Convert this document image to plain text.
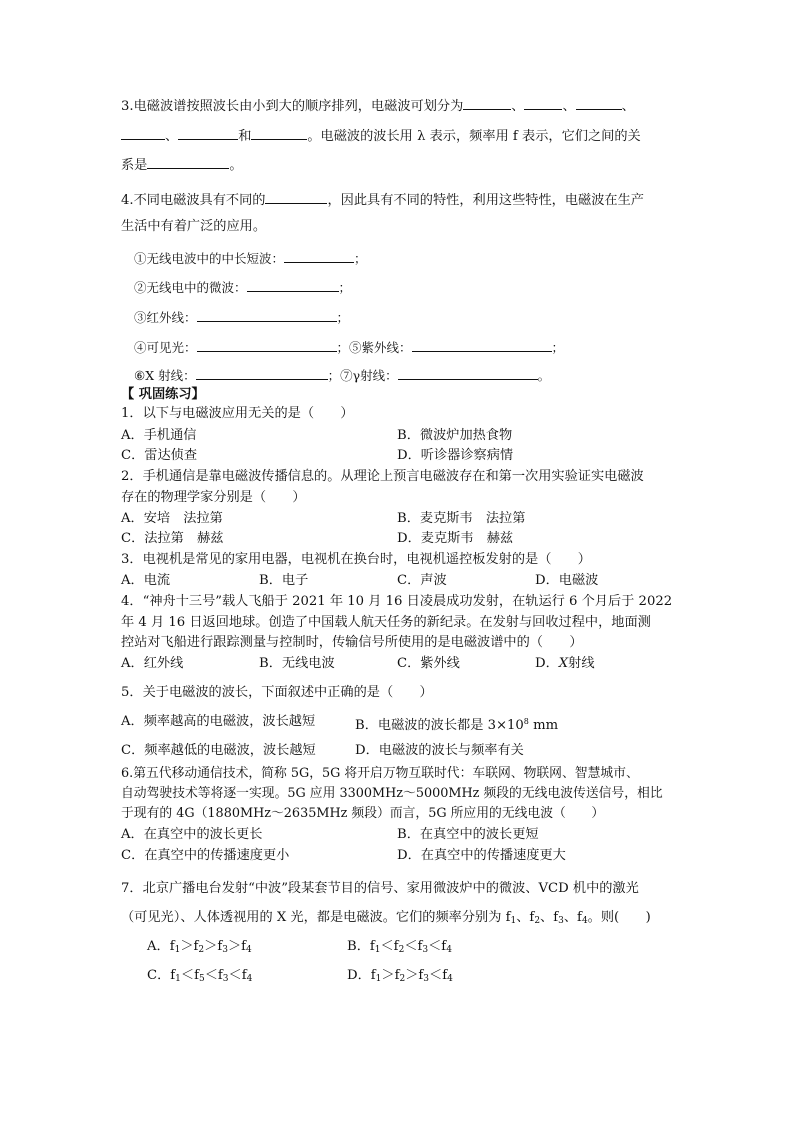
3.电磁波谱按照波长由小到大的顺序排列，电磁波可划分为	、	、	、
、	和	。电磁波的波长用 λ 表示，频率用 f 表示，它们之间的关
系是	。
4.不同电磁波具有不同的	，因此具有不同的特性，利用这些特性，电磁波在生产
生活中有着广泛的应用。
①无线电波中的中长短波：	；
②无线电中的微波：	；
③红外线：	；
④可见光：	；⑤紫外线：	；
⑥X 射线：	；⑦γ射线：	。
【 巩固练习】
1．以下与电磁波应用无关的是（　　）
A．手机通信	B．微波炉加热食物
C．雷达侦查	D．听诊器诊察病情
2．手机通信是靠电磁波传播信息的。从理论上预言电磁波存在和第一次用实验证实电磁波
存在的物理学家分别是（　　）
A．安培　法拉第	B．麦克斯韦　法拉第
C．法拉第　赫兹	D．麦克斯韦　赫兹
3．电视机是常见的家用电器，电视机在换台时，电视机遥控板发射的是（　　）
A．电流	B．电子	C．声波	D．电磁波
4．“神舟十三号”载人飞船于 2021 年 10 月 16 日凌晨成功发射，在轨运行 6 个月后于 2022
年 4 月 16 日返回地球。创造了中国载人航天任务的新纪录。在发射与回收过程中，地面测
控站对飞船进行跟踪测量与控制时，传输信号所使用的是电磁波谱中的（　　）
A．红外线	B．无线电波	C．紫外线	D．X射线
5．关于电磁波的波长，下面叙述中正确的是（　　）
A．频率越高的电磁波，波长越短	B．电磁波的波长都是 $3\times 10^8$ mm
C．频率越低的电磁波，波长越短	D．电磁波的波长与频率有关
6.第五代移动通信技术，简称 5G，5G 将开启万物互联时代：车联网、物联网、智慧城市、
自动驾驶技术等将逐一实现。5G 应用 3300MHz～5000MHz 频段的无线电波传送信号，相比
于现有的 4G（1880MHz～2635MHz 频段）而言，5G 所应用的无线电波（　　）
A．在真空中的波长更长	B．在真空中的波长更短
C．在真空中的传播速度更小	D．在真空中的传播速度更大
7．北京广播电台发射“中波”段某套节目的信号、家用微波炉中的微波、VCD 机中的激光
（可见光）、人体透视用的 X 光，都是电磁波。它们的频率分别为 $f_1$、$f_2$、$f_3$、$f_4$。则(　　)
A．$f_1>f_2>f_3>f_4$	B．$f_1<f_2<f_3<f_4$
C．$f_1<f_5<f_3<f_4$	D．$f_1>f_2>f_3<f_4$
